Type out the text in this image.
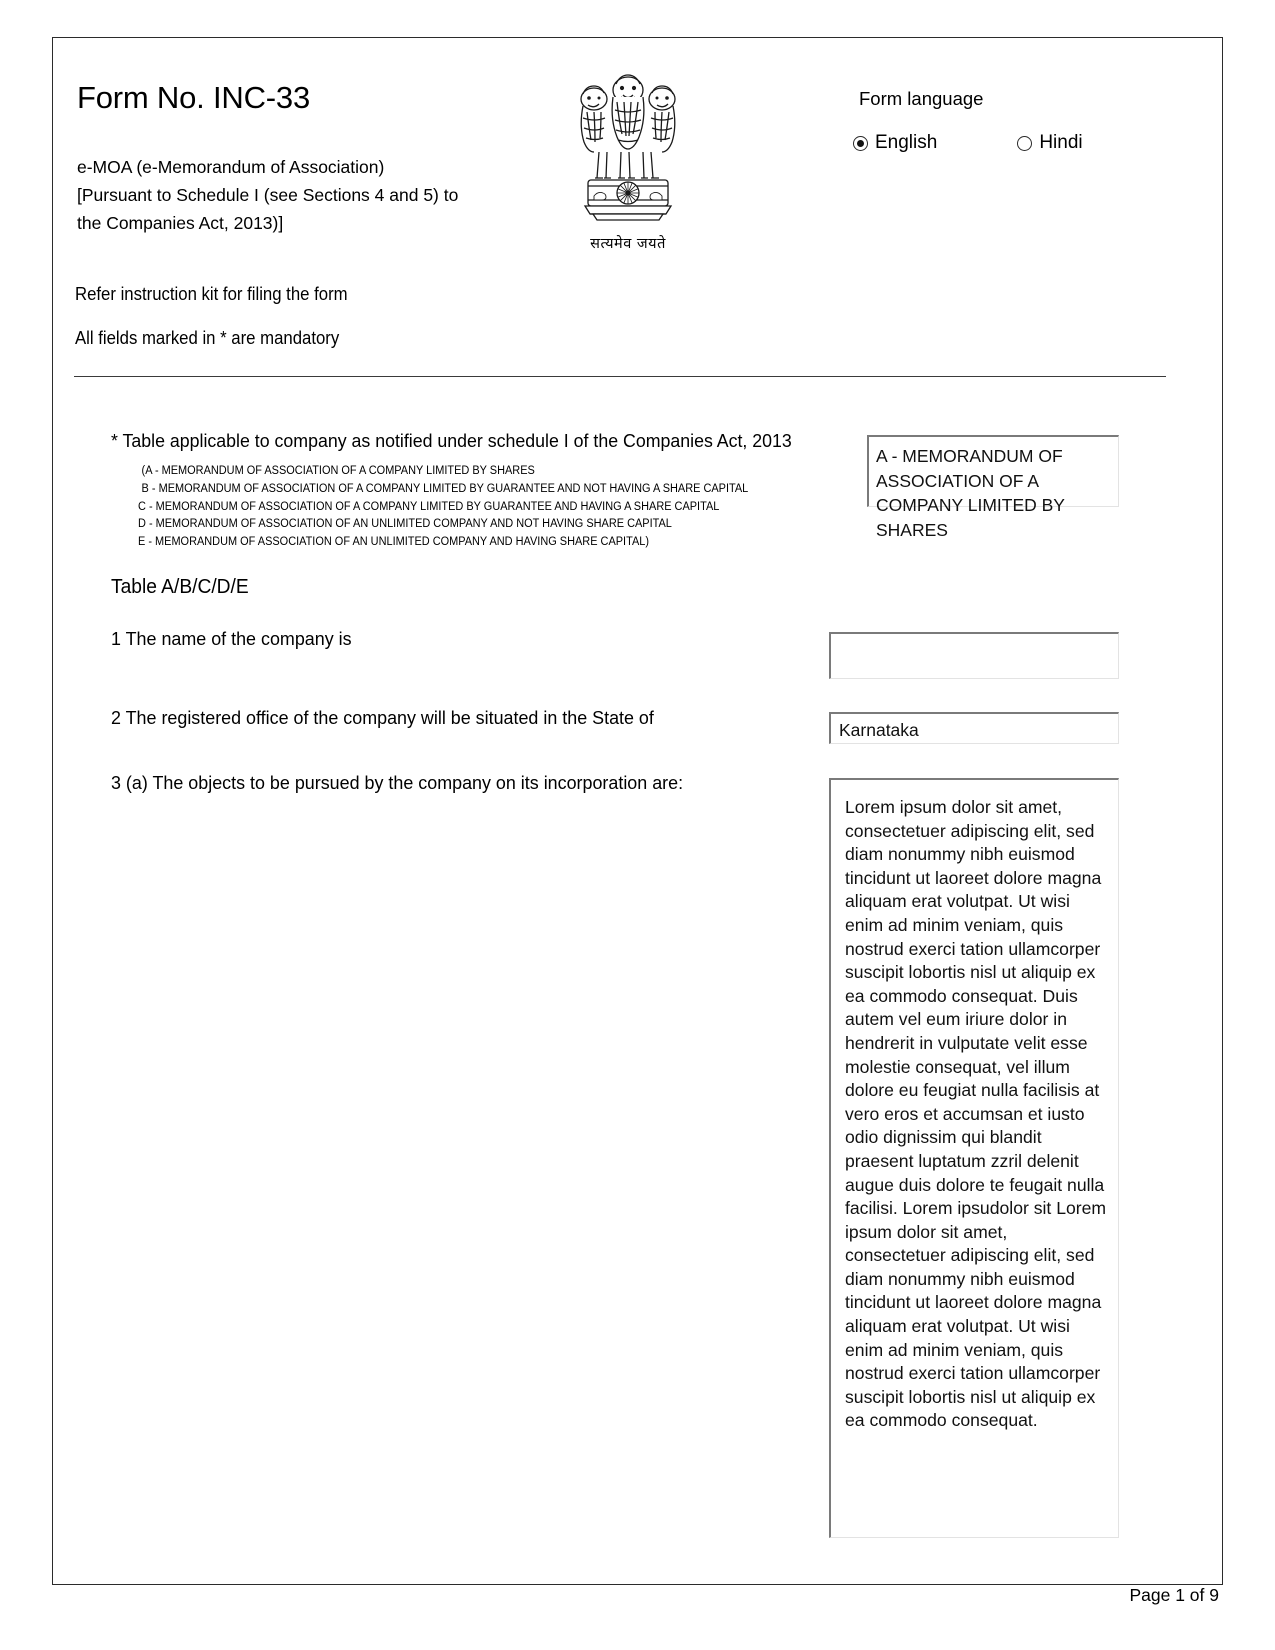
Form No. INC-33
e-MOA (e-Memorandum of Association)
[Pursuant to Schedule I (see Sections 4 and 5) to
the Companies Act, 2013)]
Refer instruction kit for filing the form
All fields marked in * are mandatory
सत्यमेव जयते
Form language
English	Hindi
* Table applicable to company as notified under schedule I of the Companies Act, 2013
(A - MEMORANDUM OF ASSOCIATION OF A COMPANY LIMITED BY SHARES
B - MEMORANDUM OF ASSOCIATION OF A COMPANY LIMITED BY GUARANTEE AND NOT HAVING A SHARE CAPITAL
C - MEMORANDUM OF ASSOCIATION OF A COMPANY LIMITED BY GUARANTEE AND HAVING A SHARE CAPITAL
D - MEMORANDUM OF ASSOCIATION OF AN UNLIMITED COMPANY AND NOT HAVING SHARE CAPITAL
E - MEMORANDUM OF ASSOCIATION OF AN UNLIMITED COMPANY AND HAVING SHARE CAPITAL)
Table A/B/C/D/E
A - MEMORANDUM OF ASSOCIATION OF A COMPANY LIMITED BY SHARES
1 The name of the company is
2 The registered office of the company will be situated in the State of
Karnataka
3 (a) The objects to be pursued by the company on its incorporation are:
Lorem ipsum dolor sit amet, consectetuer adipiscing elit, sed diam nonummy nibh euismod tincidunt ut laoreet dolore magna aliquam erat volutpat. Ut wisi enim ad minim veniam, quis nostrud exerci tation ullamcorper suscipit lobortis nisl ut aliquip ex ea commodo consequat. Duis autem vel eum iriure dolor in hendrerit in vulputate velit esse molestie consequat, vel illum dolore eu feugiat nulla facilisis at vero eros et accumsan et iusto odio dignissim qui blandit praesent luptatum zzril delenit augue duis dolore te feugait nulla facilisi. Lorem ipsudolor sit Lorem ipsum dolor sit amet, consectetuer adipiscing elit, sed diam nonummy nibh euismod tincidunt ut laoreet dolore magna aliquam erat volutpat. Ut wisi enim ad minim veniam, quis nostrud exerci tation ullamcorper suscipit lobortis nisl ut aliquip ex ea commodo consequat.
Page 1 of 9
